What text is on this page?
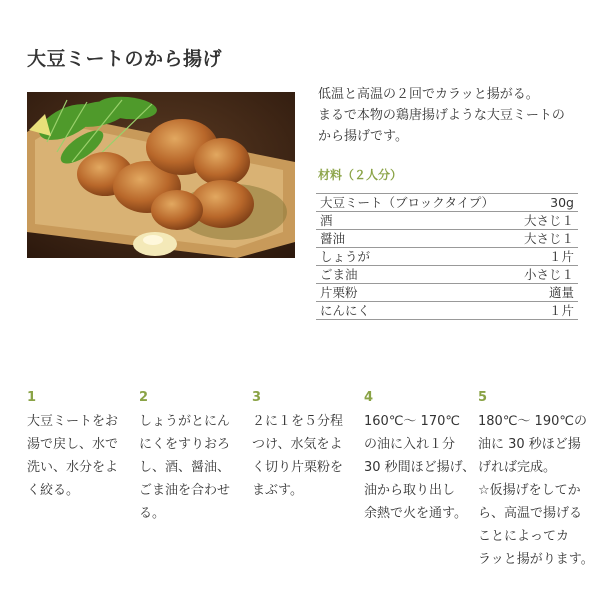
大豆ミートのから揚げ

低温と高温の２回でカラッと揚がる。
まるで本物の鶏唐揚げような大豆ミートの
から揚げです。

材料（２人分）
大豆ミート（ブロックタイプ）	30g
酒	大さじ１
醤油	大さじ１
しょうが	１片
ごま油	小さじ１
片栗粉	適量
にんにく	１片
1
大豆ミートをお
湯で戻し、水で
洗い、水分をよ
く絞る。
2
しょうがとにん
にくをすりおろ
し、酒、醤油、
ごま油を合わせ
る。
3
２に１を５分程
つけ、水気をよ
く切り片栗粉を
まぶす。
4
160℃〜 170℃
の油に入れ１分
30 秒間ほど揚げ、
油から取り出し
余熱で火を通す。
5
180℃〜 190℃の
油に 30 秒ほど揚
げれば完成。
☆仮揚げをしてか
ら、高温で揚げる
ことによってカ
ラッと揚がります。
